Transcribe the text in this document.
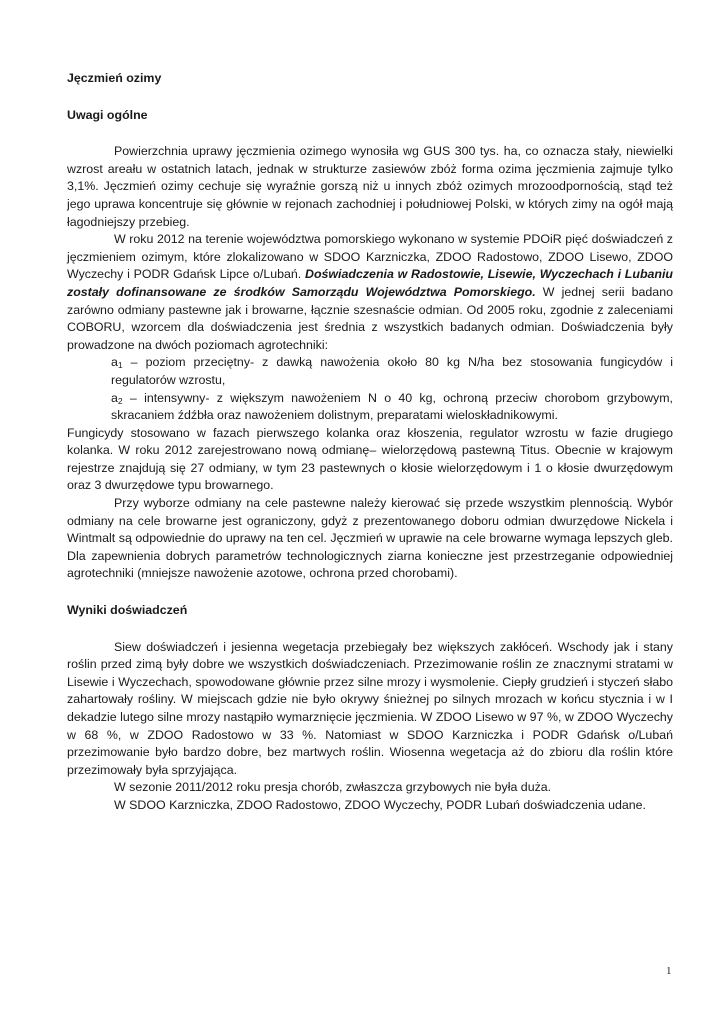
Jęczmień ozimy
Uwagi ogólne

Powierzchnia uprawy jęczmienia ozimego wynosiła wg GUS 300 tys. ha, co oznacza stały, niewielki wzrost areału w ostatnich latach, jednak w strukturze zasiewów zbóż forma ozima jęczmienia zajmuje tylko 3,1%. Jęczmień ozimy cechuje się wyraźnie gorszą niż u innych zbóż ozimych mrozoodpornością, stąd też jego uprawa koncentruje się głównie w rejonach zachodniej i południowej Polski, w których zimy na ogół mają łagodniejszy przebieg.

W roku 2012 na terenie województwa pomorskiego wykonano w systemie PDOiR pięć doświadczeń z jęczmieniem ozimym, które zlokalizowano w SDOO Karzniczka, ZDOO Radostowo, ZDOO Lisewo, ZDOO Wyczechy i PODR Gdańsk Lipce o/Lubań. Doświadczenia w Radostowie, Lisewie, Wyczechach i Lubaniu zostały dofinansowane ze środków Samorządu Województwa Pomorskiego. W jednej serii badano zarówno odmiany pastewne jak i browarne, łącznie szesnaście odmian. Od 2005 roku, zgodnie z zaleceniami COBORU, wzorcem dla doświadczenia jest średnia z wszystkich badanych odmian. Doświadczenia były prowadzone na dwóch poziomach agrotechniki:

$a_1$ – poziom przeciętny- z dawką nawożenia około 80 kg N/ha bez stosowania fungicydów i regulatorów wzrostu,
$a_2$ – intensywny- z większym nawożeniem N o 40 kg, ochroną przeciw chorobom grzybowym, skracaniem źdźbła oraz nawożeniem dolistnym, preparatami wieloskładnikowymi.

Fungicydy stosowano w fazach pierwszego kolanka oraz kłoszenia, regulator wzrostu w fazie drugiego kolanka. W roku 2012 zarejestrowano nową odmianę– wielorzędową pastewną Titus. Obecnie w krajowym rejestrze znajdują się 27 odmiany, w tym 23 pastewnych o kłosie wielorzędowym i 1 o kłosie dwurzędowym oraz 3 dwurzędowe typu browarnego.

Przy wyborze odmiany na cele pastewne należy kierować się przede wszystkim plennością. Wybór odmiany na cele browarne jest ograniczony, gdyż z prezentowanego doboru odmian dwurzędowe Nickela i Wintmalt są odpowiednie do uprawy na ten cel. Jęczmień w uprawie na cele browarne wymaga lepszych gleb. Dla zapewnienia dobrych parametrów technologicznych ziarna konieczne jest przestrzeganie odpowiedniej agrotechniki (mniejsze nawożenie azotowe, ochrona przed chorobami).

Wyniki doświadczeń

Siew doświadczeń i jesienna wegetacja przebiegały bez większych zakłóceń. Wschody jak i stany roślin przed zimą były dobre we wszystkich doświadczeniach. Przezimowanie roślin ze znacznymi stratami w Lisewie i Wyczechach, spowodowane głównie przez silne mrozy i wysmolenie. Ciepły grudzień i styczeń słabo zahartowały rośliny. W miejscach gdzie nie było okrywy śnieżnej po silnych mrozach w końcu stycznia i w I dekadzie lutego silne mrozy nastąpiło wymarznięcie jęczmienia. W ZDOO Lisewo w 97 %, w ZDOO Wyczechy w 68 %, w ZDOO Radostowo w 33 %. Natomiast w SDOO Karzniczka i PODR Gdańsk o/Lubań przezimowanie było bardzo dobre, bez martwych roślin. Wiosenna wegetacja aż do zbioru dla roślin które przezimowały była sprzyjająca.

W sezonie 2011/2012 roku presja chorób, zwłaszcza grzybowych nie była duża.

W SDOO Karzniczka, ZDOO Radostowo, ZDOO Wyczechy, PODR Lubań doświadczenia udane.

1
